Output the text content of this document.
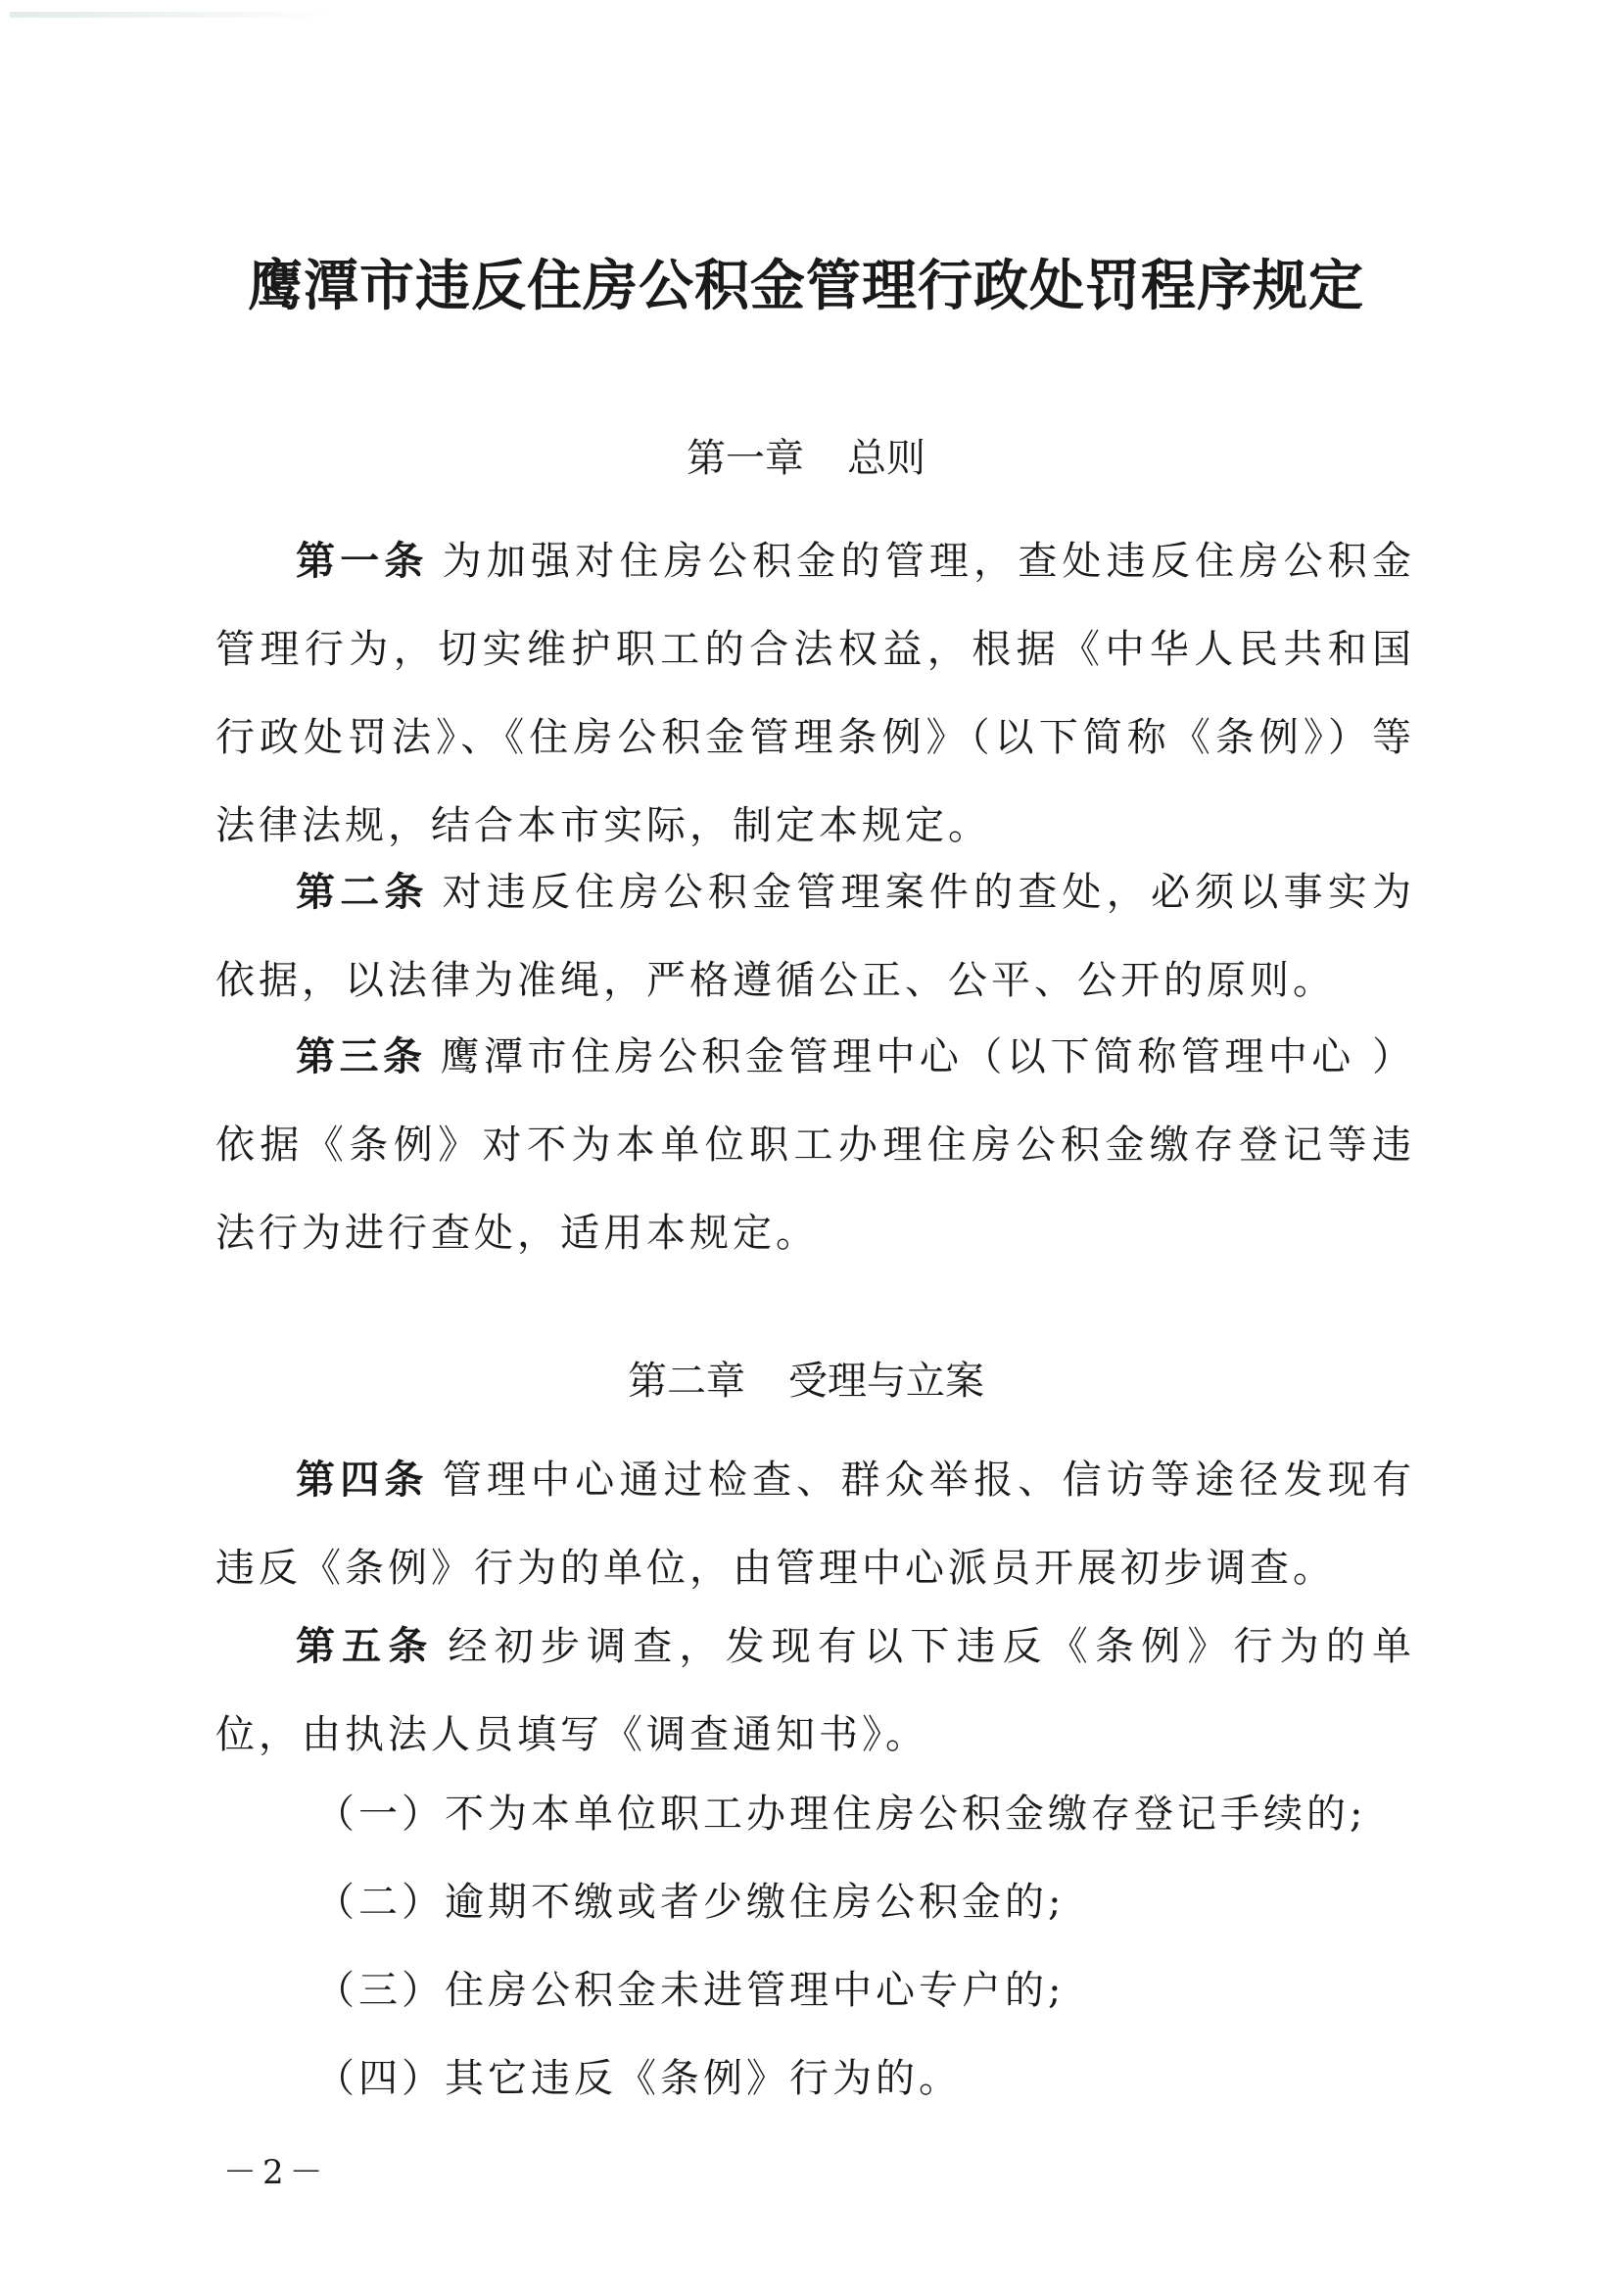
鹰潭市违反住房公积金管理行政处罚程序规定
第一章 总则
第一条 为加强对住房公积金的管理，查处违反住房公积金管理行为，切实维护职工的合法权益，根据《中华人民共和国行政处罚法》、《住房公积金管理条例》（以下简称《条例》）等法律法规，结合本市实际，制定本规定。
第二条 对违反住房公积金管理案件的查处，必须以事实为依据，以法律为准绳，严格遵循公正、公平、公开的原则。
第三条 鹰潭市住房公积金管理中心（以下简称管理中心 ）依据《条例》对不为本单位职工办理住房公积金缴存登记等违法行为进行查处，适用本规定。
第二章 受理与立案
第四条 管理中心通过检查、群众举报、信访等途径发现有违反《条例》行为的单位，由管理中心派员开展初步调查。
第五条 经初步调查，发现有以下违反《条例》行为的单位，由执法人员填写《调查通知书》。
（一）不为本单位职工办理住房公积金缴存登记手续的;
（二）逾期不缴或者少缴住房公积金的;
（三）住房公积金未进管理中心专户的;
（四）其它违反《条例》行为的。
－2－
